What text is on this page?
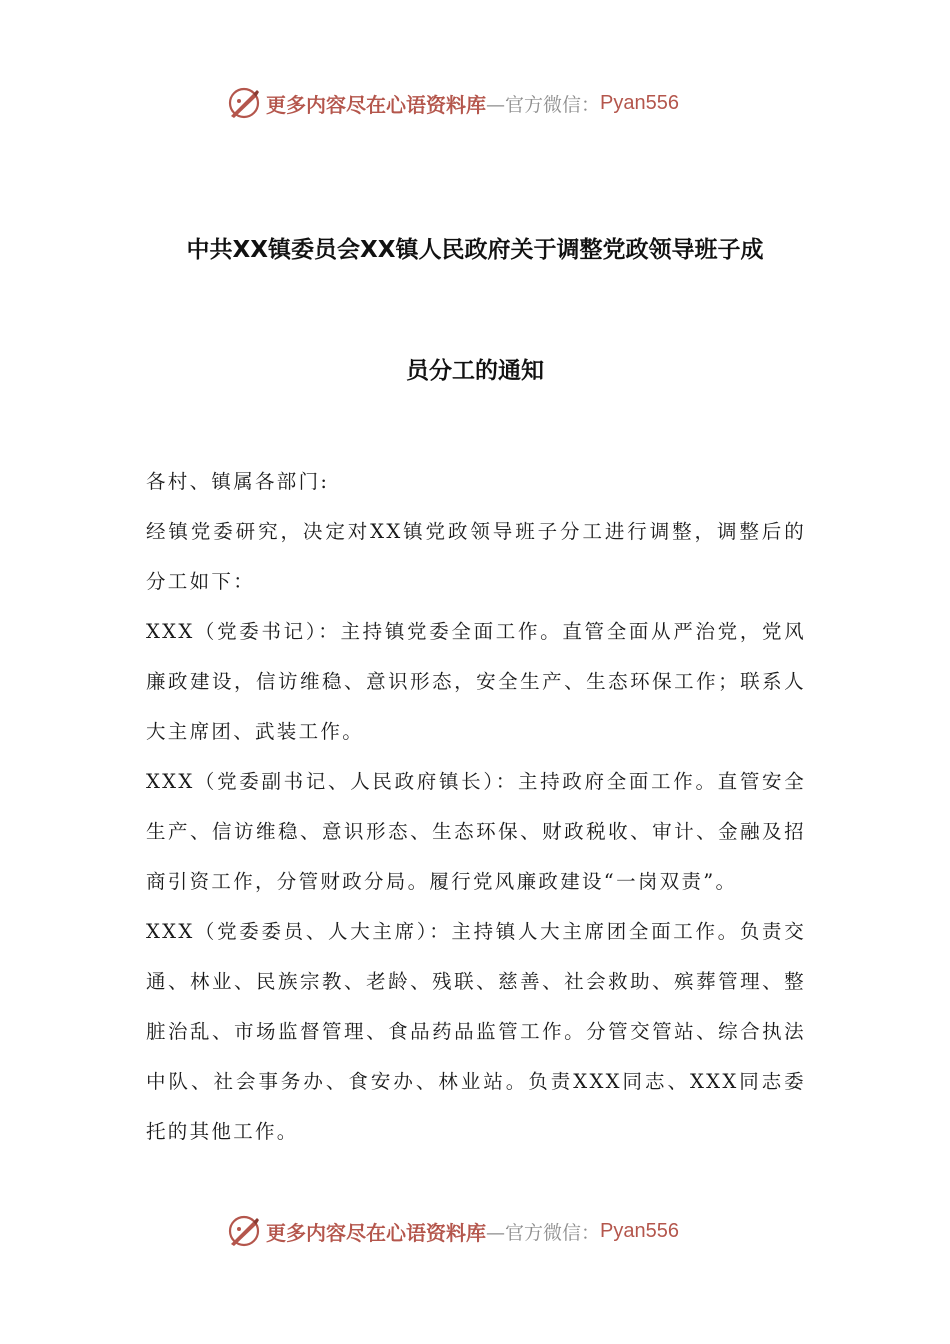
更多内容尽在心语资料库 —官方微信： Pyan556
中共XX镇委员会XX镇人民政府关于调整党政领导班子成
员分工的通知

各村、镇属各部门:

经镇党委研究，决定对XX镇党政领导班子分工进行调整，调整后的分工如下：

XXX（党委书记）：主持镇党委全面工作。直管全面从严治党，党风廉政建设，信访维稳、意识形态，安全生产、生态环保工作；联系人大主席团、武装工作。

XXX（党委副书记、人民政府镇长）：主持政府全面工作。直管安全生产、信访维稳、意识形态、生态环保、财政税收、审计、金融及招商引资工作，分管财政分局。履行党风廉政建设“一岗双责”。

XXX（党委委员、人大主席）：主持镇人大主席团全面工作。负责交通、林业、民族宗教、老龄、残联、慈善、社会救助、殡葬管理、整脏治乱、市场监督管理、食品药品监管工作。分管交管站、综合执法中队、社会事务办、食安办、林业站。负责XXX同志、XXX同志委托的其他工作。

更多内容尽在心语资料库 —官方微信： Pyan556
